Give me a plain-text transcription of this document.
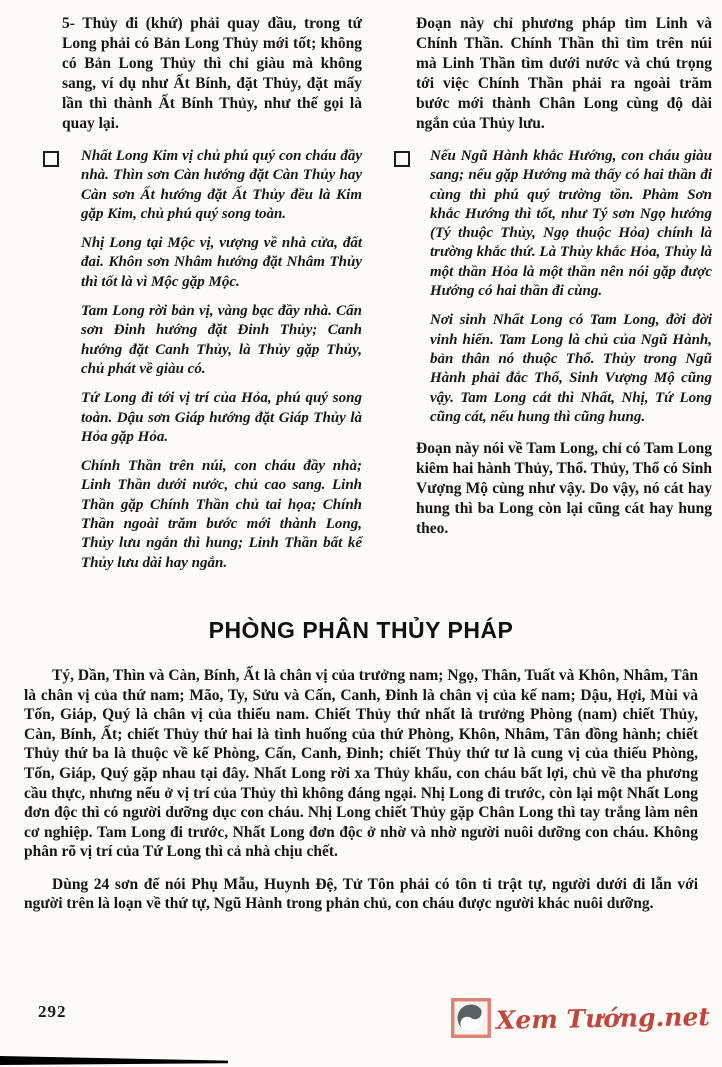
5- Thủy đi (khứ) phải quay đầu, trong tứ Long phải có Bản Long Thủy mới tốt; không có Bản Long Thủy thì chỉ giàu mà không sang, ví dụ như Ất Bính, đặt Thủy, đặt mấy lần thì thành Ất Bính Thủy, như thế gọi là quay lại.

Nhất Long Kim vị chủ phú quý con cháu đầy nhà. Thìn sơn Càn hướng đặt Càn Thủy hay Càn sơn Ất hướng đặt Ất Thủy đều là Kim gặp Kim, chủ phú quý song toàn.

Nhị Long tại Mộc vị, vượng về nhà cửa, đất đai. Khôn sơn Nhâm hướng đặt Nhâm Thủy thì tốt là vì Mộc gặp Mộc.

Tam Long rời bản vị, vàng bạc đầy nhà. Cấn sơn Đinh hướng đặt Đinh Thủy; Canh hướng đặt Canh Thủy, là Thủy gặp Thủy, chủ phát về giàu có.

Tứ Long đi tới vị trí của Hỏa, phú quý song toàn. Dậu sơn Giáp hướng đặt Giáp Thủy là Hỏa gặp Hỏa.

Chính Thần trên núi, con cháu đầy nhà; Linh Thần dưới nước, chủ cao sang. Linh Thần gặp Chính Thần chủ tai họa; Chính Thần ngoài trăm bước mới thành Long, Thủy lưu ngắn thì hung; Linh Thần bất kể Thủy lưu dài hay ngắn.

Đoạn này chỉ phương pháp tìm Linh và Chính Thần. Chính Thần thì tìm trên núi mà Linh Thần tìm dưới nước và chú trọng tới việc Chính Thần phải ra ngoài trăm bước mới thành Chân Long cùng độ dài ngắn của Thủy lưu.

Nếu Ngũ Hành khắc Hướng, con cháu giàu sang; nếu gặp Hướng mà thấy có hai thần đi cùng thì phú quý trường tồn. Phàm Sơn khắc Hướng thì tốt, như Tý sơn Ngọ hướng (Tý thuộc Thủy, Ngọ thuộc Hỏa) chính là trường khắc thứ. Là Thủy khắc Hỏa, Thủy là một thần Hỏa là một thần nên nói gặp được Hướng có hai thần đi cùng.

Nơi sinh Nhất Long có Tam Long, đời đời vinh hiển. Tam Long là chủ của Ngũ Hành, bản thân nó thuộc Thổ. Thủy trong Ngũ Hành phải đắc Thổ, Sinh Vượng Mộ cũng vậy. Tam Long cát thì Nhất, Nhị, Tứ Long cũng cát, nếu hung thì cũng hung.

Đoạn này nói về Tam Long, chỉ có Tam Long kiêm hai hành Thủy, Thổ. Thủy, Thổ có Sinh Vượng Mộ cùng như vậy. Do vậy, nó cát hay hung thì ba Long còn lại cũng cát hay hung theo.

PHÒNG PHÂN THỦY PHÁP

Tý, Dần, Thìn và Càn, Bính, Ất là chân vị của trưởng nam; Ngọ, Thân, Tuất và Khôn, Nhâm, Tân là chân vị của thứ nam; Mão, Ty, Sửu và Cấn, Canh, Đinh là chân vị của kế nam; Dậu, Hợi, Mùi và Tốn, Giáp, Quý là chân vị của thiếu nam. Chiết Thủy thứ nhất là trưởng Phòng (nam) chiết Thủy, Càn, Bính, Ất; chiết Thủy thứ hai là tình huống của thứ Phòng, Khôn, Nhâm, Tân đồng hành; chiết Thủy thứ ba là thuộc về kế Phòng, Cấn, Canh, Đinh; chiết Thủy thứ tư là cung vị của thiếu Phòng, Tốn, Giáp, Quý gặp nhau tại đây. Nhất Long rời xa Thủy khẩu, con cháu bất lợi, chủ về tha phương cầu thực, nhưng nếu ở vị trí của Thủy thì không đáng ngại. Nhị Long đi trước, còn lại một Nhất Long đơn độc thì có người dưỡng dục con cháu. Nhị Long chiết Thủy gặp Chân Long thì tay trắng làm nên cơ nghiệp. Tam Long đi trước, Nhất Long đơn độc ở nhờ và nhờ người nuôi dưỡng con cháu. Không phân rõ vị trí của Tứ Long thì cả nhà chịu chết.

Dùng 24 sơn để nói Phụ Mẫu, Huynh Đệ, Tử Tôn phải có tôn ti trật tự, người dưới đi lẫn với người trên là loạn về thứ tự, Ngũ Hành trong phản chủ, con cháu được người khác nuôi dưỡng.

292	Xem Tướng.net
